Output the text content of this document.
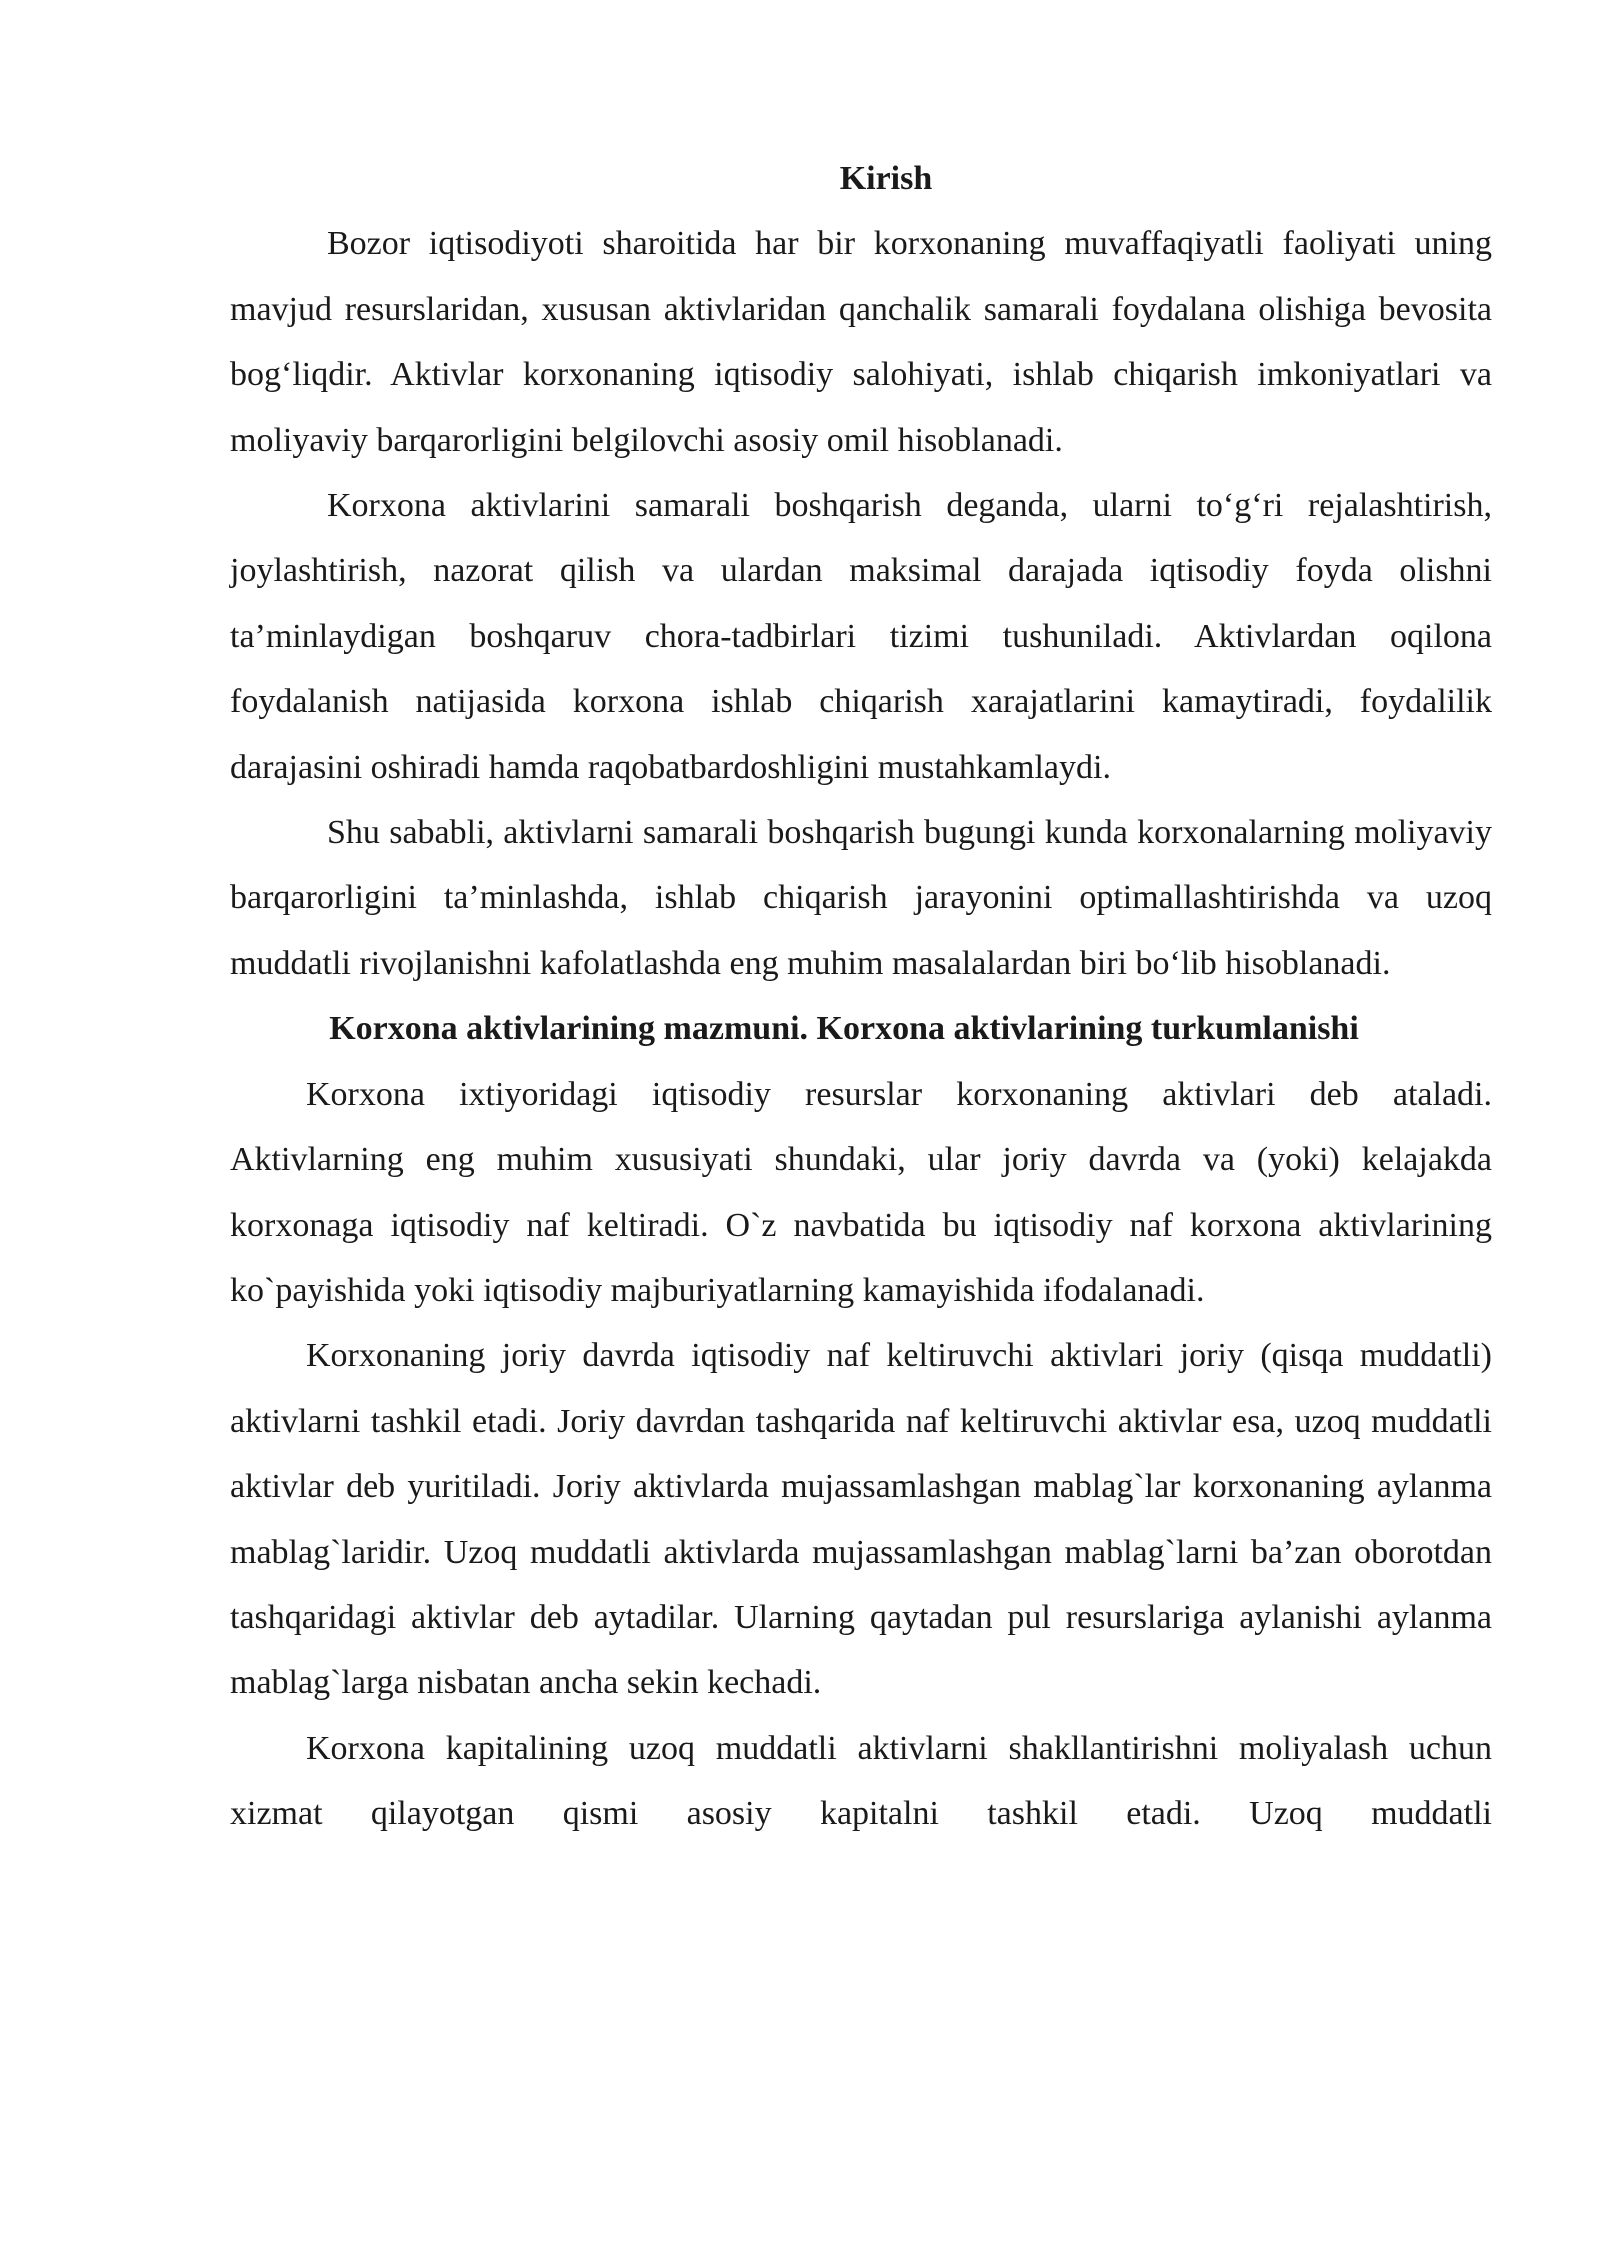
Kirish

Bozor iqtisodiyoti sharoitida har bir korxonaning muvaffaqiyatli faoliyati uning mavjud resurslaridan, xususan aktivlaridan qanchalik samarali foydalana olishiga bevosita bog‘liqdir. Aktivlar korxonaning iqtisodiy salohiyati, ishlab chiqarish imkoniyatlari va moliyaviy barqarorligini belgilovchi asosiy omil hisoblanadi.

Korxona aktivlarini samarali boshqarish deganda, ularni to‘g‘ri rejalashtirish, joylashtirish, nazorat qilish va ulardan maksimal darajada iqtisodiy foyda olishni ta’minlaydigan boshqaruv chora-tadbirlari tizimi tushuniladi. Aktivlardan oqilona foydalanish natijasida korxona ishlab chiqarish xarajatlarini kamaytiradi, foydalilik darajasini oshiradi hamda raqobatbardoshligini mustahkamlaydi.

Shu sababli, aktivlarni samarali boshqarish bugungi kunda korxonalarning moliyaviy barqarorligini ta’minlashda, ishlab chiqarish jarayonini optimallashtirishda va uzoq muddatli rivojlanishni kafolatlashda eng muhim masalalardan biri bo‘lib hisoblanadi.

Korxona aktivlarining mazmuni. Korxona aktivlarining turkumlanishi

Korxona ixtiyoridagi iqtisodiy resurslar korxonaning aktivlari deb ataladi. Aktivlarning eng muhim xususiyati shundaki, ular joriy davrda va (yoki) kelajakda korxonaga iqtisodiy naf keltiradi. O`z navbatida bu iqtisodiy naf korxona aktivlarining ko`payishida yoki iqtisodiy majburiyatlarning kamayishida ifodalanadi.

Korxonaning joriy davrda iqtisodiy naf keltiruvchi aktivlari joriy (qisqa muddatli) aktivlarni tashkil etadi. Joriy davrdan tashqarida naf keltiruvchi aktivlar esa, uzoq muddatli aktivlar deb yuritiladi. Joriy aktivlarda mujassamlashgan mablag`lar korxonaning aylanma mablag`laridir. Uzoq muddatli aktivlarda mujassamlashgan mablag`larni ba’zan oborotdan tashqaridagi aktivlar deb aytadilar. Ularning qaytadan pul resurslariga aylanishi aylanma mablag`larga nisbatan ancha sekin kechadi.

Korxona kapitalining uzoq muddatli aktivlarni shakllantirishni moliyalash uchun xizmat qilayotgan qismi asosiy kapitalni tashkil etadi. Uzoq muddatli
